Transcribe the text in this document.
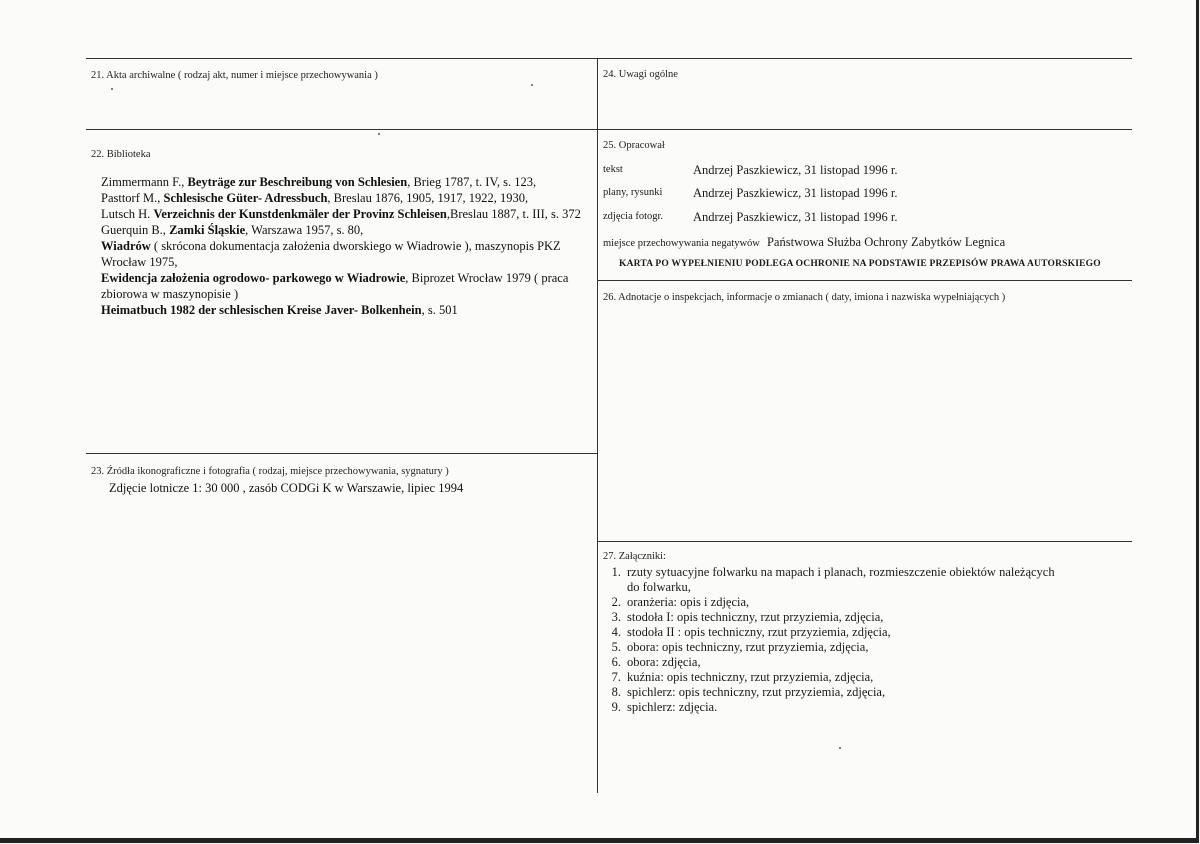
21. Akta archiwalne ( rodzaj akt, numer i miejsce przechowywania )
22. Biblioteka
Zimmermann F., Beyträge zur Beschreibung von Schlesien, Brieg 1787, t. IV, s. 123,
Pasttorf M., Schlesische Güter- Adressbuch, Breslau 1876, 1905, 1917, 1922, 1930,
Lutsch H. Verzeichnis der Kunstdenkmäler der Provinz Schleisen,Breslau 1887, t. III, s. 372
Guerquin B., Zamki Śląskie, Warszawa 1957, s. 80,
Wiadrów ( skrócona dokumentacja założenia dworskiego w Wiadrowie ), maszynopis PKZ
Wrocław 1975,
Ewidencja założenia ogrodowo- parkowego w Wiadrowie, Biprozet Wrocław 1979 ( praca
zbiorowa w maszynopisie )
Heimatbuch 1982 der schlesischen Kreise Javer- Bolkenhein, s. 501
23. Źródła ikonograficzne i fotografia ( rodzaj, miejsce przechowywania, sygnatury )
Zdjęcie lotnicze 1: 30 000 , zasób CODGi K w Warszawie, lipiec 1994
24. Uwagi ogólne
25. Opracował
tekst	Andrzej Paszkiewicz, 31 listopad 1996 r.
plany, rysunki Andrzej Paszkiewicz, 31 listopad 1996 r.
zdjęcia fotogr. Andrzej Paszkiewicz, 31 listopad 1996 r.
miejsce przechowywania negatywów Państwowa Służba Ochrony Zabytków Legnica
KARTA PO WYPEŁNIENIU PODLEGA OCHRONIE NA PODSTAWIE PRZEPISÓW PRAWA AUTORSKIEGO
26. Adnotacje o inspekcjach, informacje o zmianach ( daty, imiona i nazwiska wypełniających )
27. Załączniki:
1. rzuty sytuacyjne folwarku na mapach i planach, rozmieszczenie obiektów należących
do folwarku,
2. oranżeria: opis i zdjęcia,
3. stodoła I: opis techniczny, rzut przyziemia, zdjęcia,
4. stodoła II : opis techniczny, rzut przyziemia, zdjęcia,
5. obora: opis techniczny, rzut przyziemia, zdjęcia,
6. obora: zdjęcia,
7. kuźnia: opis techniczny, rzut przyziemia, zdjęcia,
8. spichlerz: opis techniczny, rzut przyziemia, zdjęcia,
9. spichlerz: zdjęcia.
